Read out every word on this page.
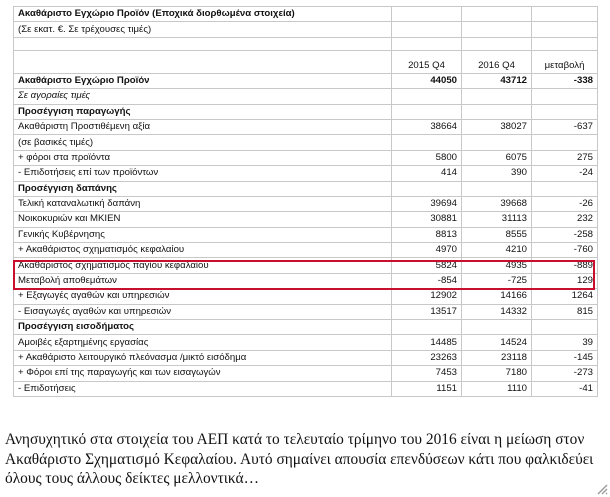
Ακαθάριστο Εγχώριο Προϊόν (Εποχικά διορθωμένα στοιχεία)			
(Σε εκατ. €. Σε τρέχουσες τιμές)			

	2015 Q4	2016 Q4	μεταβολή
Ακαθάριστο Εγχώριο Προϊόν	44050	43712	-338
Σε αγοραίες τιμές			
Προσέγγιση παραγωγής			
Ακαθάριστη Προστιθέμενη αξία	38664	38027	-637
(σε βασικές τιμές)			
+ φόροι στα προϊόντα	5800	6075	275
- Επιδοτήσεις επί των προϊόντων	414	390	-24
Προσέγγιση δαπάνης			
Τελική καταναλωτική δαπάνη	39694	39668	-26
Νοικοκυριών και ΜΚΙΕΝ	30881	31113	232
Γενικής Κυβέρνησης	8813	8555	-258
+ Ακαθάριστος σχηματισμός κεφαλαίου	4970	4210	-760
Ακαθάριστος σχηματισμός παγίου κεφαλαίου	5824	4935	-889
Μεταβολή αποθεμάτων	-854	-725	129
+ Εξαγωγές αγαθών και υπηρεσιών	12902	14166	1264
- Εισαγωγές αγαθών και υπηρεσιών	13517	14332	815
Προσέγγιση εισοδήματος			
Αμοιβές εξαρτημένης εργασίας	14485	14524	39
+ Ακαθάριστο λειτουργικό πλεόνασμα /μικτό εισόδημα	23263	23118	-145
+ Φόροι επί της παραγωγής και των εισαγωγών	7453	7180	-273
- Επιδοτήσεις	1151	1110	-41
Ανησυχητικό στα στοιχεία του ΑΕΠ κατά το τελευταίο τρίμηνο του 2016 είναι η μείωση στον Ακαθάριστο Σχηματισμό Κεφαλαίου. Αυτό σημαίνει απουσία επενδύσεων κάτι που φαλκιδεύει όλους τους άλλους δείκτες μελλοντικά…
